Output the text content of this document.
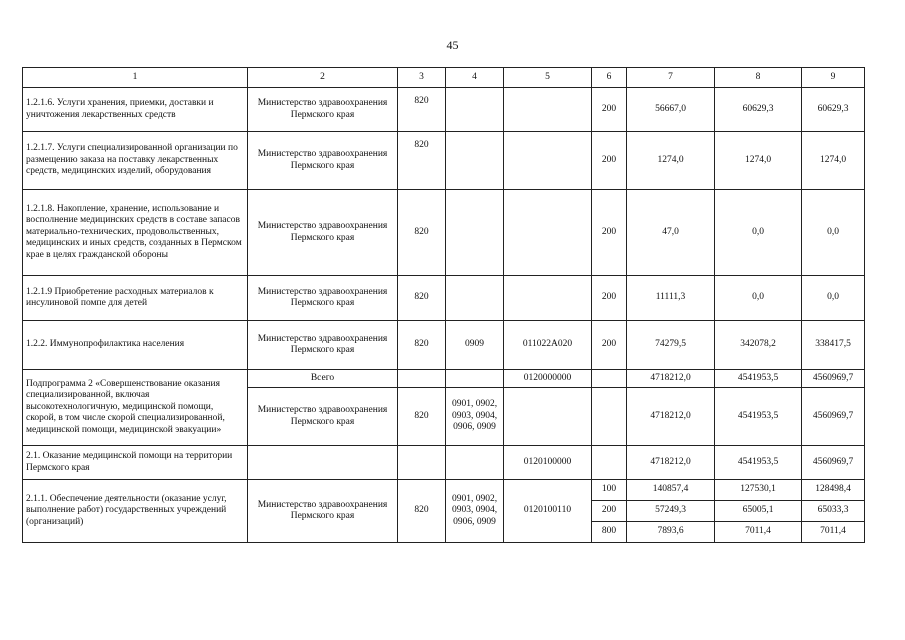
45
1	2	3	4	5	6	7	8	9
1.2.1.6. Услуги хранения, приемки, доставки и уничтожения лекарственных средств	Министерство здравоохранения Пермского края	820			200	56667,0	60629,3	60629,3
1.2.1.7. Услуги специализированной организации по размещению заказа на поставку лекарственных средств, медицинских изделий, оборудования	Министерство здравоохранения Пермского края	820			200	1274,0	1274,0	1274,0
1.2.1.8. Накопление, хранение, использование и восполнение медицинских средств в составе запасов материально-технических, продовольственных, медицинских и иных средств, созданных в Пермском крае в целях гражданской обороны	Министерство здравоохранения Пермского края	820			200	47,0	0,0	0,0
1.2.1.9 Приобретение расходных материалов к инсулиновой помпе для детей	Министерство здравоохранения Пермского края	820			200	11111,3	0,0	0,0
1.2.2. Иммунопрофилактика населения	Министерство здравоохранения Пермского края	820	0909	011022A020	200	74279,5	342078,2	338417,5
Подпрограмма 2 «Совершенствование оказания специализированной, включая высокотехнологичную, медицинской помощи, скорой, в том числе скорой специализированной, медицинской помощи, медицинской эвакуации»	Всего			0120000000		4718212,0	4541953,5	4560969,7
	Министерство здравоохранения Пермского края	820	0901, 0902, 0903, 0904, 0906, 0909			4718212,0	4541953,5	4560969,7
2.1. Оказание медицинской помощи на территории Пермского края				0120100000		4718212,0	4541953,5	4560969,7
2.1.1. Обеспечение деятельности (оказание услуг, выполнение работ) государственных учреждений (организаций)	Министерство здравоохранения Пермского края	820	0901, 0902, 0903, 0904, 0906, 0909	0120100110	100	140857,4	127530,1	128498,4
					200	57249,3	65005,1	65033,3
					800	7893,6	7011,4	7011,4
